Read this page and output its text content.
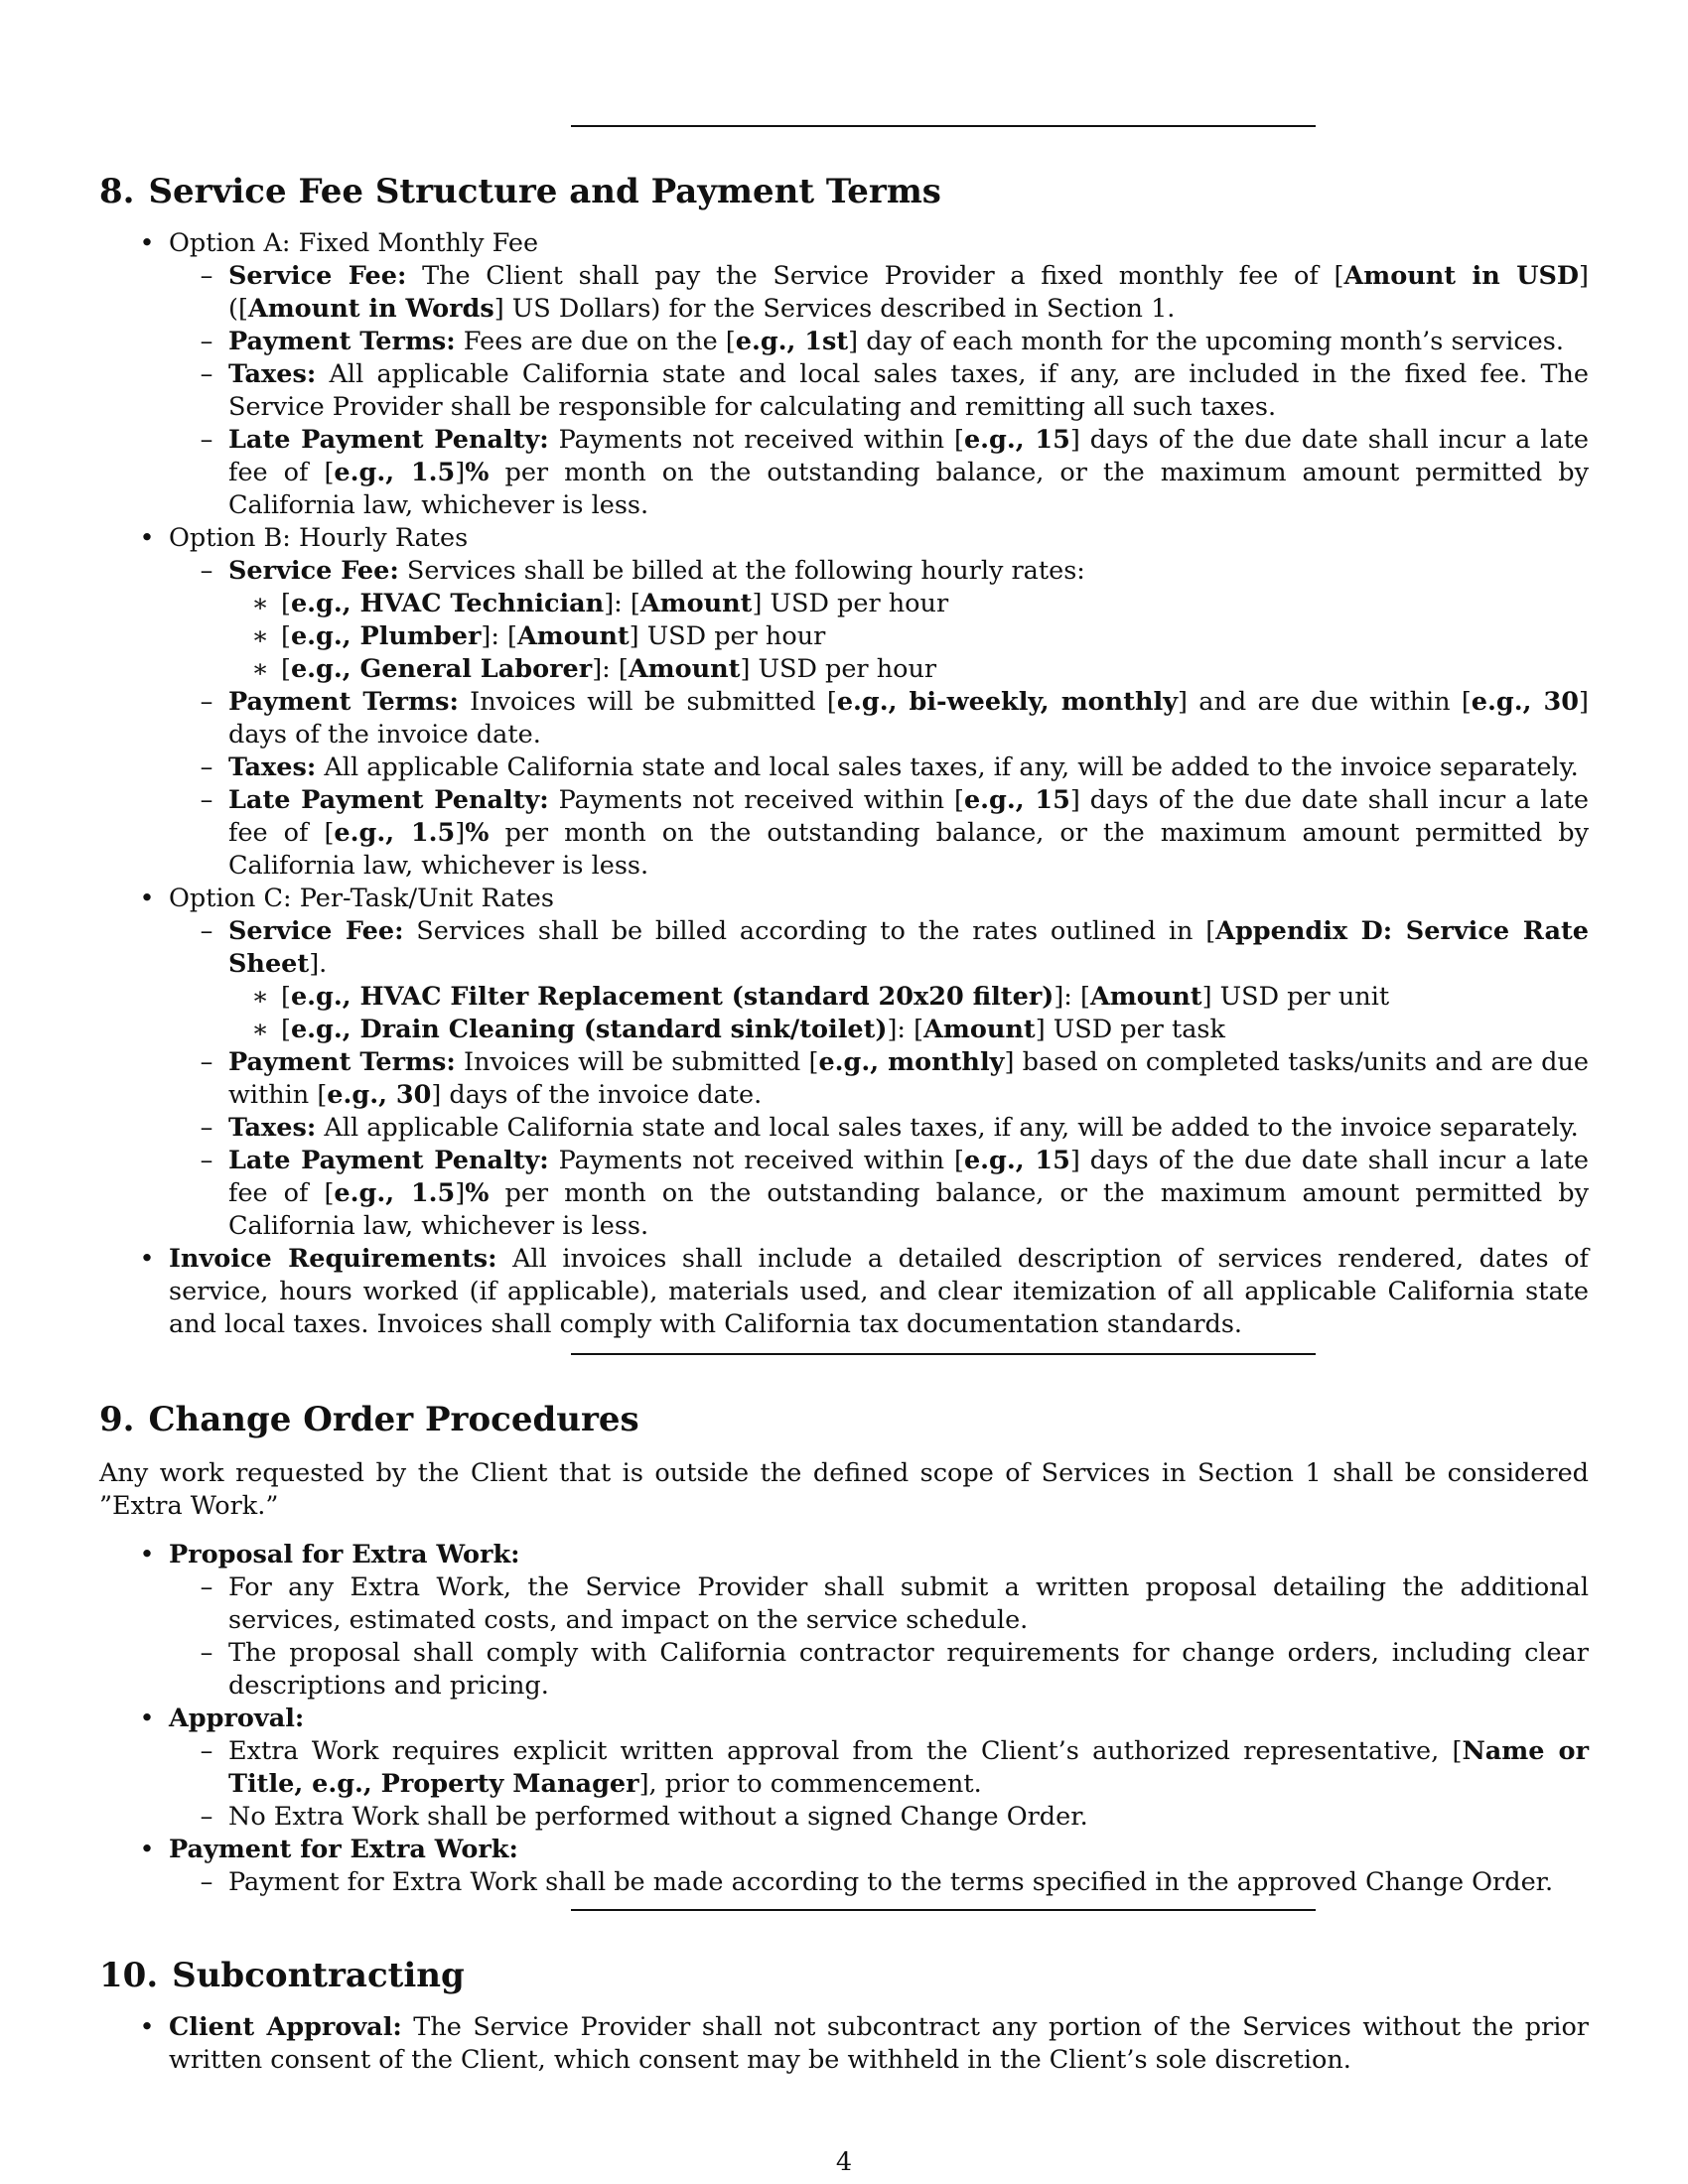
8. Service Fee Structure and Payment Terms
• Option A: Fixed Monthly Fee
– Service Fee: The Client shall pay the Service Provider a fixed monthly fee of [Amount in USD] ([Amount in Words] US Dollars) for the Services described in Section 1.
– Payment Terms: Fees are due on the [e.g., 1st] day of each month for the upcoming month’s services.
– Taxes: All applicable California state and local sales taxes, if any, are included in the fixed fee. The Service Provider shall be responsible for calculating and remitting all such taxes.
– Late Payment Penalty: Payments not received within [e.g., 15] days of the due date shall incur a late fee of [e.g., 1.5]% per month on the outstanding balance, or the maximum amount permitted by California law, whichever is less.
• Option B: Hourly Rates
– Service Fee: Services shall be billed at the following hourly rates:
∗ [e.g., HVAC Technician]: [Amount] USD per hour
∗ [e.g., Plumber]: [Amount] USD per hour
∗ [e.g., General Laborer]: [Amount] USD per hour
– Payment Terms: Invoices will be submitted [e.g., bi-weekly, monthly] and are due within [e.g., 30] days of the invoice date.
– Taxes: All applicable California state and local sales taxes, if any, will be added to the invoice separately.
– Late Payment Penalty: Payments not received within [e.g., 15] days of the due date shall incur a late fee of [e.g., 1.5]% per month on the outstanding balance, or the maximum amount permitted by California law, whichever is less.
• Option C: Per-Task/Unit Rates
– Service Fee: Services shall be billed according to the rates outlined in [Appendix D: Service Rate Sheet].
∗ [e.g., HVAC Filter Replacement (standard 20x20 filter)]: [Amount] USD per unit
∗ [e.g., Drain Cleaning (standard sink/toilet)]: [Amount] USD per task
– Payment Terms: Invoices will be submitted [e.g., monthly] based on completed tasks/units and are due within [e.g., 30] days of the invoice date.
– Taxes: All applicable California state and local sales taxes, if any, will be added to the invoice separately.
– Late Payment Penalty: Payments not received within [e.g., 15] days of the due date shall incur a late fee of [e.g., 1.5]% per month on the outstanding balance, or the maximum amount permitted by California law, whichever is less.
• Invoice Requirements: All invoices shall include a detailed description of services rendered, dates of service, hours worked (if applicable), materials used, and clear itemization of all applicable California state and local taxes. Invoices shall comply with California tax documentation standards.
9. Change Order Procedures
Any work requested by the Client that is outside the defined scope of Services in Section 1 shall be considered ”Extra Work.”
• Proposal for Extra Work:
– For any Extra Work, the Service Provider shall submit a written proposal detailing the additional services, estimated costs, and impact on the service schedule.
– The proposal shall comply with California contractor requirements for change orders, including clear descriptions and pricing.
• Approval:
– Extra Work requires explicit written approval from the Client’s authorized representative, [Name or Title, e.g., Property Manager], prior to commencement.
– No Extra Work shall be performed without a signed Change Order.
• Payment for Extra Work:
– Payment for Extra Work shall be made according to the terms specified in the approved Change Order.
10. Subcontracting
• Client Approval: The Service Provider shall not subcontract any portion of the Services without the prior written consent of the Client, which consent may be withheld in the Client’s sole discretion.
4
